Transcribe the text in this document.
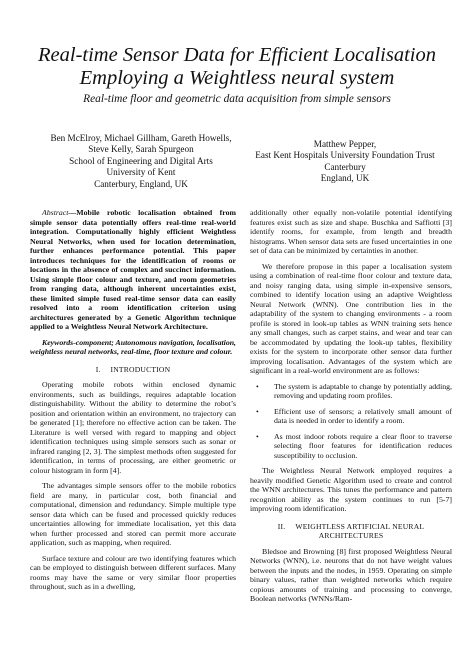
Real-time Sensor Data for Efficient Localisation
Employing a Weightless neural system
Real-time floor and geometric data acquisition from simple sensors
Ben McElroy, Michael Gillham, Gareth Howells,
Steve Kelly, Sarah Spurgeon
School of Engineering and Digital Arts
University of Kent
Canterbury, England, UK
Matthew Pepper,
East Kent Hospitals University Foundation Trust
Canterbury
England, UK

Abstract—Mobile robotic localisation obtained from simple sensor data potentially offers real-time real-world integration. Computationally highly efficient Weightless Neural Networks, when used for location determination, further enhances performance potential. This paper introduces techniques for the identification of rooms or locations in the absence of complex and succinct information. Using simple floor colour and texture, and room geometries from ranging data, although inherent uncertainties exist, these limited simple fused real-time sensor data can easily resolved into a room identification criterion using architectures generated by a Genetic Algorithm technique applied to a Weightless Neural Network Architecture.

Keywords-component; Autonomous navigation, localisation, weightless neural networks, real-time, floor texture and colour.

I. INTRODUCTION

Operating mobile robots within enclosed dynamic environments, such as buildings, requires adaptable location distinguishability. Without the ability to determine the robot’s position and orientation within an environment, no trajectory can be generated [1]; therefore no effective action can be taken. The Literature is well versed with regard to mapping and object identification techniques using simple sensors such as sonar or infrared ranging [2, 3]. The simplest methods often suggested for identification, in terms of processing, are either geometric or colour histogram in form [4].

The advantages simple sensors offer to the mobile robotics field are many, in particular cost, both financial and computational, dimension and redundancy. Simple multiple type sensor data which can be fused and processed quickly reduces uncertainties allowing for immediate localisation, yet this data when further processed and stored can permit more accurate application, such as mapping, when required.

Surface texture and colour are two identifying features which can be employed to distinguish between different surfaces. Many rooms may have the same or very similar floor properties throughout, such as in a dwelling,

additionally other equally non-volatile potential identifying features exist such as size and shape. Buschka and Saffiotti [3] identify rooms, for example, from length and breadth histograms. When sensor data sets are fused uncertainties in one set of data can be minimized by certainties in another.

We therefore propose in this paper a localisation system using a combination of real-time floor colour and texture data, and noisy ranging data, using simple in-expensive sensors, combined to identify location using an adaptive Weightless Neural Network (WNN). One contribution lies in the adaptability of the system to changing environments - a room profile is stored in look-up tables as WNN training sets hence any small changes, such as carpet stains, and wear and tear can be accommodated by updating the look-up tables, flexibility exists for the system to incorporate other sensor data further improving localisation. Advantages of the system which are significant in a real-world environment are as follows:

• The system is adaptable to change by potentially adding, removing and updating room profiles.
• Efficient use of sensors; a relatively small amount of data is needed in order to identify a room.
• As most indoor robots require a clear floor to traverse selecting floor features for identification reduces susceptibility to occlusion.

The Weightless Neural Network employed requires a heavily modified Genetic Algorithm used to create and control the WNN architectures. This tunes the performance and pattern recognition ability as the system continues to run [5-7] improving room identification.

II. WEIGHTLESS ARTIFICIAL NEURAL ARCHITECTURES

Bledsoe and Browning [8] first proposed Weightless Neural Networks (WNN), i.e. neurons that do not have weight values between the inputs and the nodes, in 1959. Operating on simple binary values, rather than weighted networks which require copious amounts of training and processing to converge, Boolean networks (WNNs/Ram-
